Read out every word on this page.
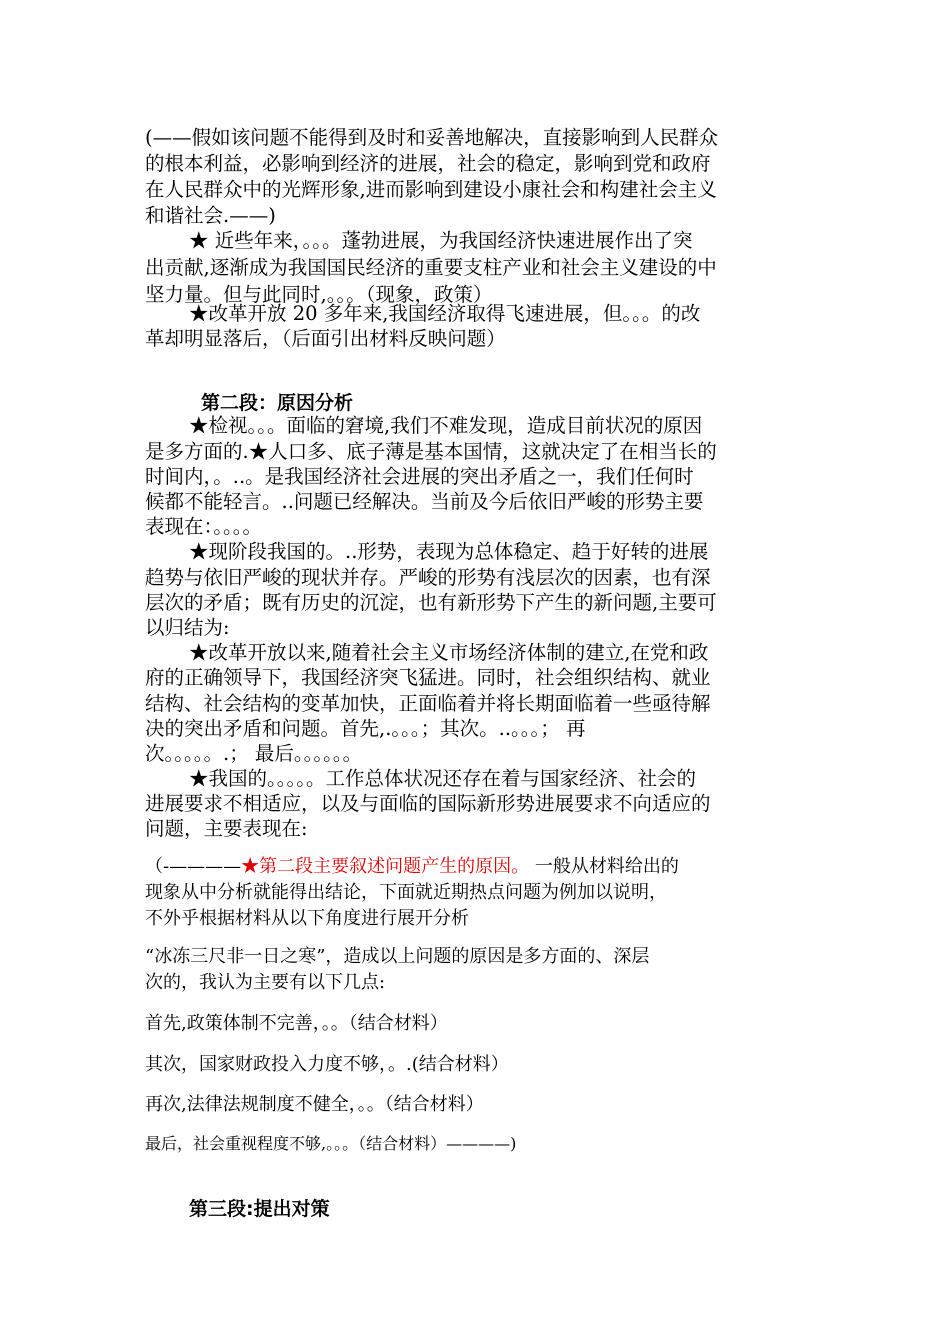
(——假如该问题不能得到及时和妥善地解决，直接影响到人民群众
的根本利益，必影响到经济的进展，社会的稳定，影响到党和政府
在人民群众中的光辉形象,进而影响到建设小康社会和构建社会主义
和谐社会.——)
★ 近些年来，。。。蓬勃进展，为我国经济快速进展作出了突
出贡献,逐渐成为我国国民经济的重要支柱产业和社会主义建设的中
坚力量。但与此同时,。。。（现象，政策）
★改革开放 20 多年来,我国经济取得飞速进展，但。。。的改
革却明显落后，（后面引出材料反映问题）
第二段：原因分析
★检视。。。面临的窘境,我们不难发现，造成目前状况的原因
是多方面的.★人口多、底子薄是基本国情，这就决定了在相当长的
时间内，。..。是我国经济社会进展的突出矛盾之一，我们任何时
候都不能轻言。..问题已经解决。当前及今后依旧严峻的形势主要
表现在：。。。。
★现阶段我国的。..形势，表现为总体稳定、趋于好转的进展
趋势与依旧严峻的现状并存。严峻的形势有浅层次的因素，也有深
层次的矛盾；既有历史的沉淀，也有新形势下产生的新问题,主要可
以归结为:
★改革开放以来,随着社会主义市场经济体制的建立,在党和政
府的正确领导下，我国经济突飞猛进。同时，社会组织结构、就业
结构、社会结构的变革加快，正面临着并将长期面临着一些亟待解
决的突出矛盾和问题。首先,.。。。；其次。..。。。； 再
次。。。。。.； 最后。。。。。。
★我国的。。。。。工作总体状况还存在着与国家经济、社会的
进展要求不相适应，以及与面临的国际新形势进展要求不向适应的
问题，主要表现在:
（-————★第二段主要叙述问题产生的原因。 一般从材料给出的
现象从中分析就能得出结论，下面就近期热点问题为例加以说明，
不外乎根据材料从以下角度进行展开分析
“冰冻三尺非一日之寒”，造成以上问题的原因是多方面的、深层
次的，我认为主要有以下几点:
首先,政策体制不完善，。。（结合材料）
其次，国家财政投入力度不够，。.(结合材料）
再次,法律法规制度不健全，。。（结合材料）
最后，社会重视程度不够,。。。（结合材料）————)
第三段:提出对策
